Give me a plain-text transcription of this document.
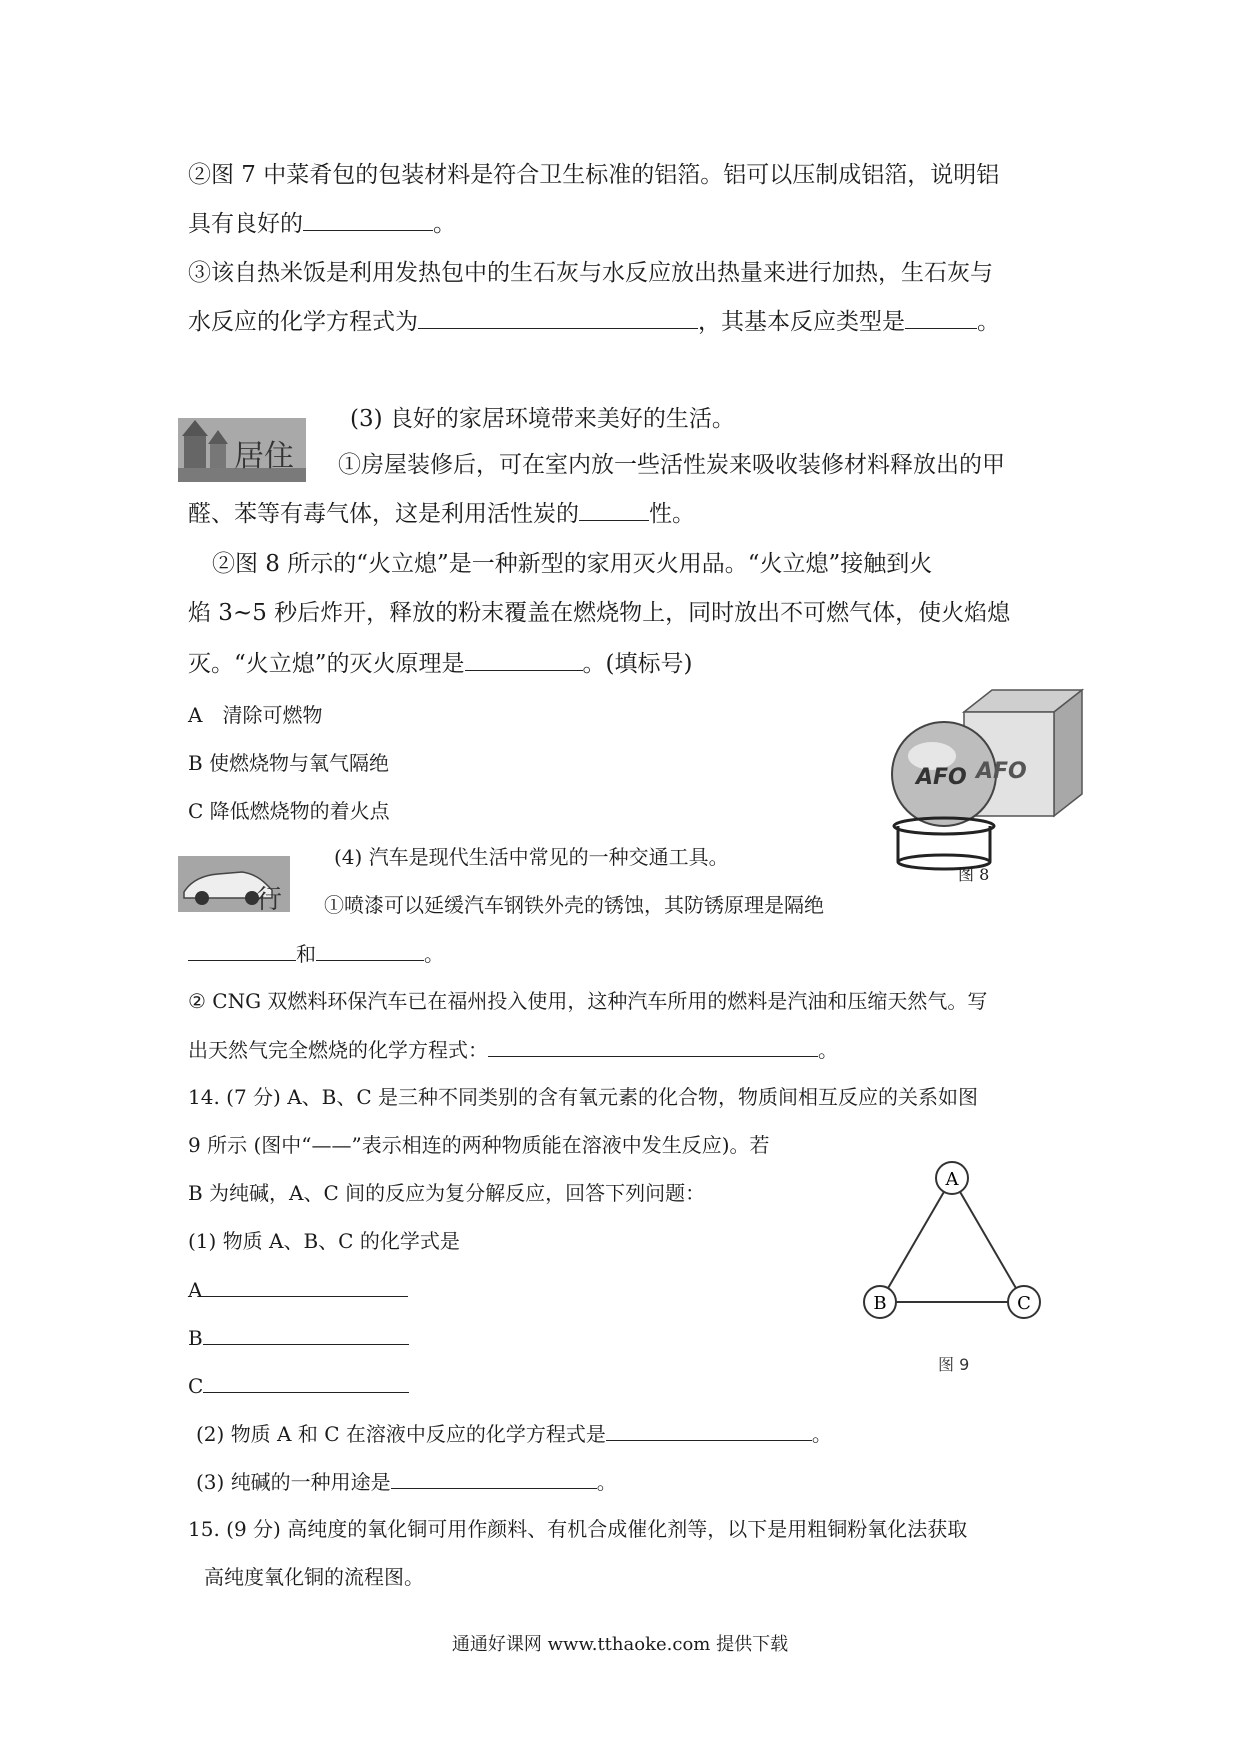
②图 7 中菜肴包的包装材料是符合卫生标准的铝箔。铝可以压制成铝箔，说明铝
具有良好的	。
③该自热米饭是利用发热包中的生石灰与水反应放出热量来进行加热，生石灰与
水反应的化学方程式为	，其基本反应类型是	。
居住
(3) 良好的家居环境带来美好的生活。
①房屋装修后，可在室内放一些活性炭来吸收装修材料释放出的甲
醛、苯等有毒气体，这是利用活性炭的	性。
②图 8 所示的“火立熄”是一种新型的家用灭火用品。“火立熄”接触到火
焰 3~5 秒后炸开，释放的粉末覆盖在燃烧物上，同时放出不可燃气体，使火焰熄
灭。“火立熄”的灭火原理是	。(填标号)
A　清除可燃物
B 使燃烧物与氧气隔绝
C 降低燃烧物的着火点
AFO AFO
图 8
行
(4) 汽车是现代生活中常见的一种交通工具。
①喷漆可以延缓汽车钢铁外壳的锈蚀，其防锈原理是隔绝
和	。
② CNG 双燃料环保汽车已在福州投入使用，这种汽车所用的燃料是汽油和压缩天然气。写
出天然气完全燃烧的化学方程式：	。
14. (7 分) A、B、C 是三种不同类别的含有氧元素的化合物，物质间相互反应的关系如图
9 所示 (图中“——”表示相连的两种物质能在溶液中发生反应)。若
B 为纯碱，A、C 间的反应为复分解反应，回答下列问题：
(1) 物质 A、B、C 的化学式是
A
B
C
(2) 物质 A 和 C 在溶液中反应的化学方程式是	。
(3) 纯碱的一种用途是	。
A
B	C
图 9
15. (9 分) 高纯度的氧化铜可用作颜料、有机合成催化剂等，以下是用粗铜粉氧化法获取
高纯度氧化铜的流程图。
通通好课网 www.tthaoke.com 提供下载
